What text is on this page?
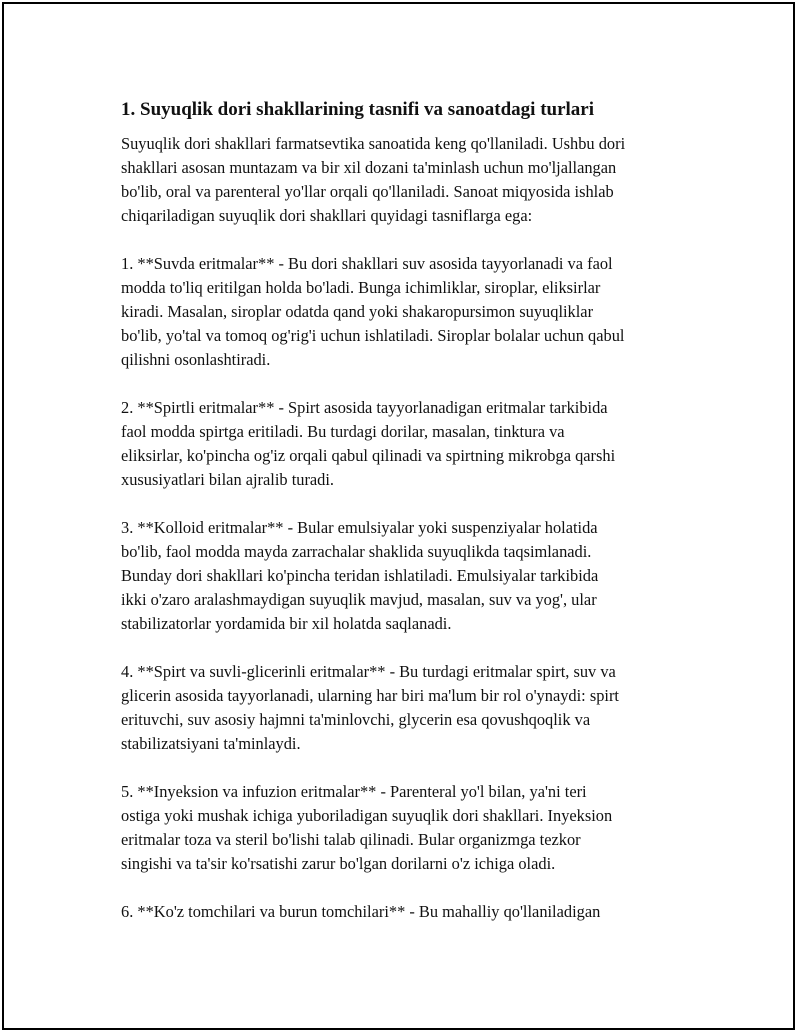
1. Suyuqlik dori shakllarining tasnifi va sanoatdagi turlari

Suyuqlik dori shakllari farmatsevtika sanoatida keng qo'llaniladi. Ushbu dori
shakllari asosan muntazam va bir xil dozani ta'minlash uchun mo'ljallangan
bo'lib, oral va parenteral yo'llar orqali qo'llaniladi. Sanoat miqyosida ishlab
chiqariladigan suyuqlik dori shakllari quyidagi tasniflarga ega:

1. **Suvda eritmalar** - Bu dori shakllari suv asosida tayyorlanadi va faol
modda to'liq eritilgan holda bo'ladi. Bunga ichimliklar, siroplar, eliksirlar
kiradi. Masalan, siroplar odatda qand yoki shakaropursimon suyuqliklar
bo'lib, yo'tal va tomoq og'rig'i uchun ishlatiladi. Siroplar bolalar uchun qabul
qilishni osonlashtiradi.

2. **Spirtli eritmalar** - Spirt asosida tayyorlanadigan eritmalar tarkibida
faol modda spirtga eritiladi. Bu turdagi dorilar, masalan, tinktura va
eliksirlar, ko'pincha og'iz orqali qabul qilinadi va spirtning mikrobga qarshi
xususiyatlari bilan ajralib turadi.

3. **Kolloid eritmalar** - Bular emulsiyalar yoki suspenziyalar holatida
bo'lib, faol modda mayda zarrachalar shaklida suyuqlikda taqsimlanadi.
Bunday dori shakllari ko'pincha teridan ishlatiladi. Emulsiyalar tarkibida
ikki o'zaro aralashmaydigan suyuqlik mavjud, masalan, suv va yog', ular
stabilizatorlar yordamida bir xil holatda saqlanadi.

4. **Spirt va suvli-glicerinli eritmalar** - Bu turdagi eritmalar spirt, suv va
glicerin asosida tayyorlanadi, ularning har biri ma'lum bir rol o'ynaydi: spirt
erituvchi, suv asosiy hajmni ta'minlovchi, glycerin esa qovushqoqlik va
stabilizatsiyani ta'minlaydi.

5. **Inyeksion va infuzion eritmalar** - Parenteral yo'l bilan, ya'ni teri
ostiga yoki mushak ichiga yuboriladigan suyuqlik dori shakllari. Inyeksion
eritmalar toza va steril bo'lishi talab qilinadi. Bular organizmga tezkor
singishi va ta'sir ko'rsatishi zarur bo'lgan dorilarni o'z ichiga oladi.

6. **Ko'z tomchilari va burun tomchilari** - Bu mahalliy qo'llaniladigan
